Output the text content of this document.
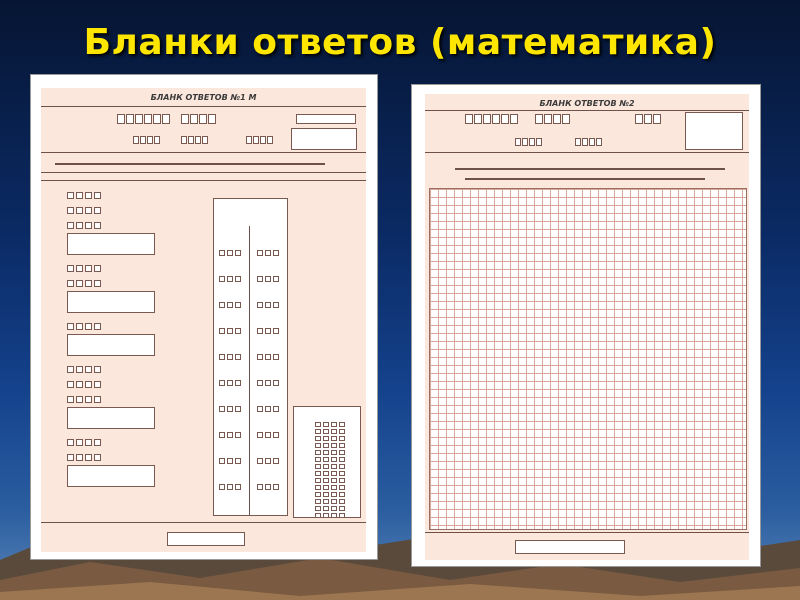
Бланки ответов (математика)
БЛАНК ОТВЕТОВ №1 М
БЛАНК ОТВЕТОВ №2
